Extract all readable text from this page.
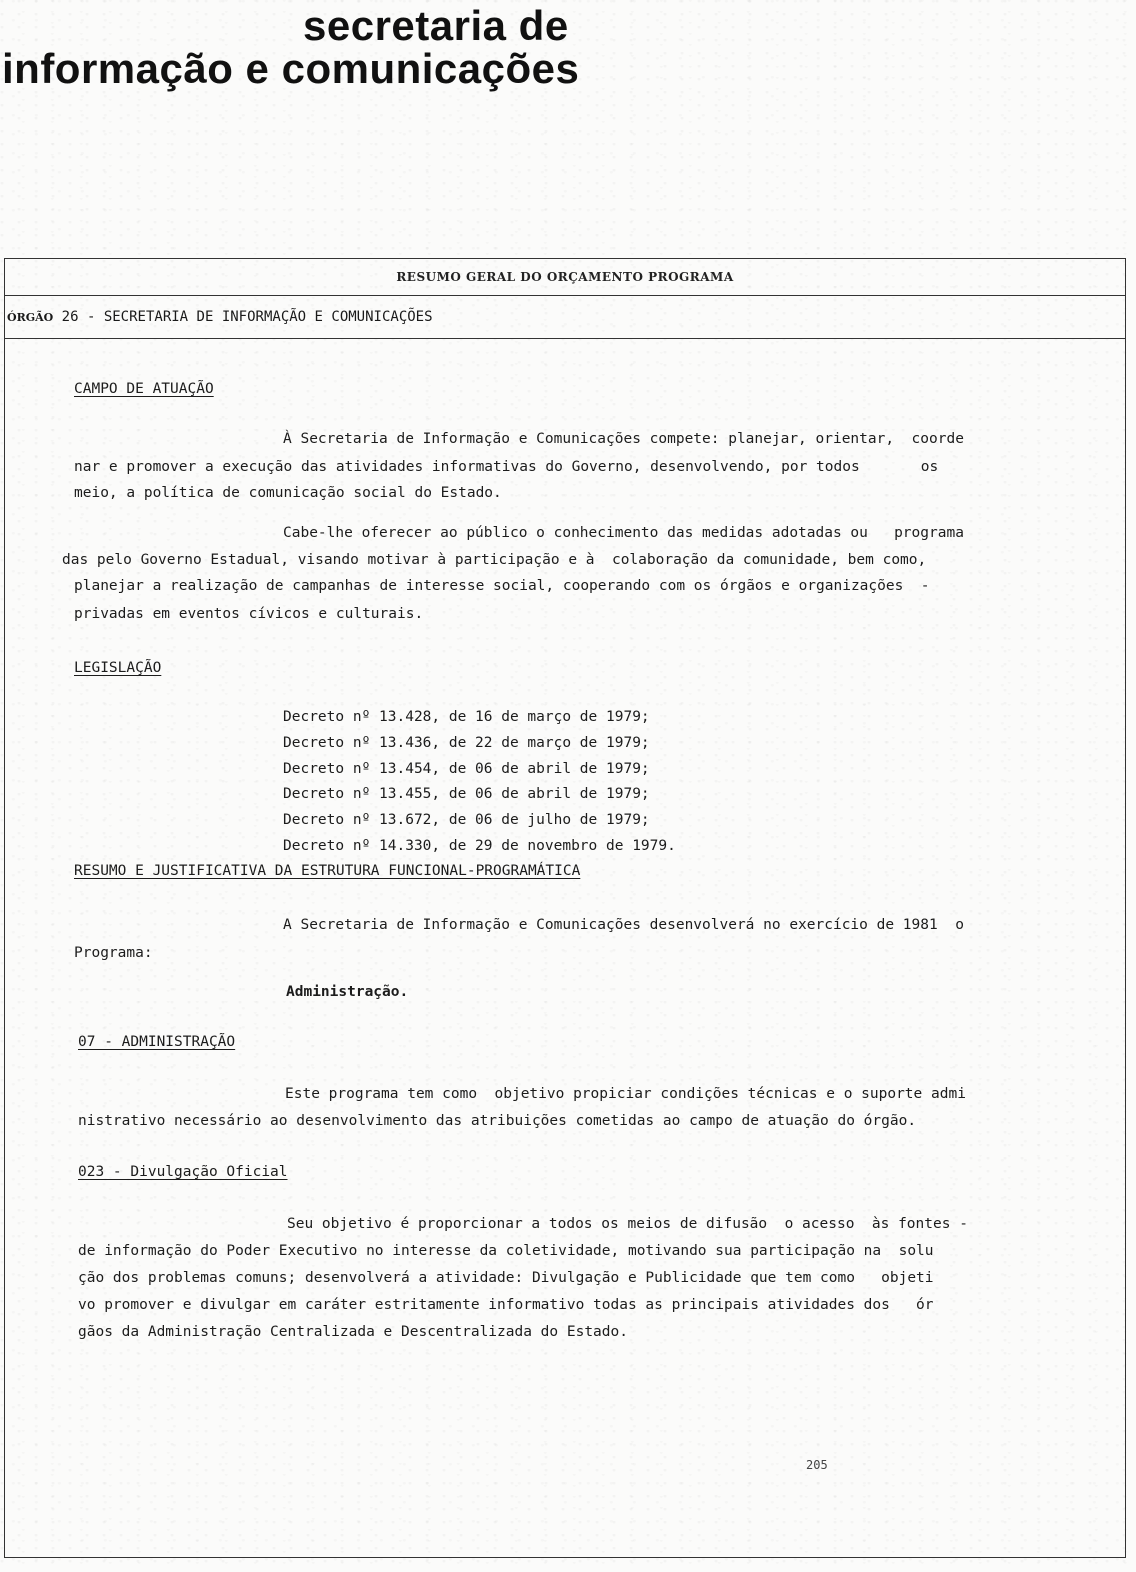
secretaria de
informação e comunicações
RESUMO GERAL DO ORÇAMENTO PROGRAMA
ÓRGÃO 26 - SECRETARIA DE INFORMAÇÃO E COMUNICAÇÕES
CAMPO DE ATUAÇÃO
À Secretaria de Informação e Comunicações compete: planejar, orientar,  coorde
nar e promover a execução das atividades informativas do Governo, desenvolvendo, por todos       os
meio, a política de comunicação social do Estado.
Cabe-lhe oferecer ao público o conhecimento das medidas adotadas ou   programa
das pelo Governo Estadual, visando motivar à participação e à  colaboração da comunidade, bem como,
planejar a realização de campanhas de interesse social, cooperando com os órgãos e organizações  -
privadas em eventos cívicos e culturais.
LEGISLAÇÃO
Decreto nº 13.428, de 16 de março de 1979;
Decreto nº 13.436, de 22 de março de 1979;
Decreto nº 13.454, de 06 de abril de 1979;
Decreto nº 13.455, de 06 de abril de 1979;
Decreto nº 13.672, de 06 de julho de 1979;
Decreto nº 14.330, de 29 de novembro de 1979.
RESUMO E JUSTIFICATIVA DA ESTRUTURA FUNCIONAL-PROGRAMÁTICA
A Secretaria de Informação e Comunicações desenvolverá no exercício de 1981  o
Programa:
Administração.
07 - ADMINISTRAÇÃO
Este programa tem como  objetivo propiciar condições técnicas e o suporte admi
nistrativo necessário ao desenvolvimento das atribuições cometidas ao campo de atuação do órgão.
023 - Divulgação Oficial
Seu objetivo é proporcionar a todos os meios de difusão  o acesso  às fontes -
de informação do Poder Executivo no interesse da coletividade, motivando sua participação na  solu
ção dos problemas comuns; desenvolverá a atividade: Divulgação e Publicidade que tem como   objeti
vo promover e divulgar em caráter estritamente informativo todas as principais atividades dos   ór
gãos da Administração Centralizada e Descentralizada do Estado.
205
